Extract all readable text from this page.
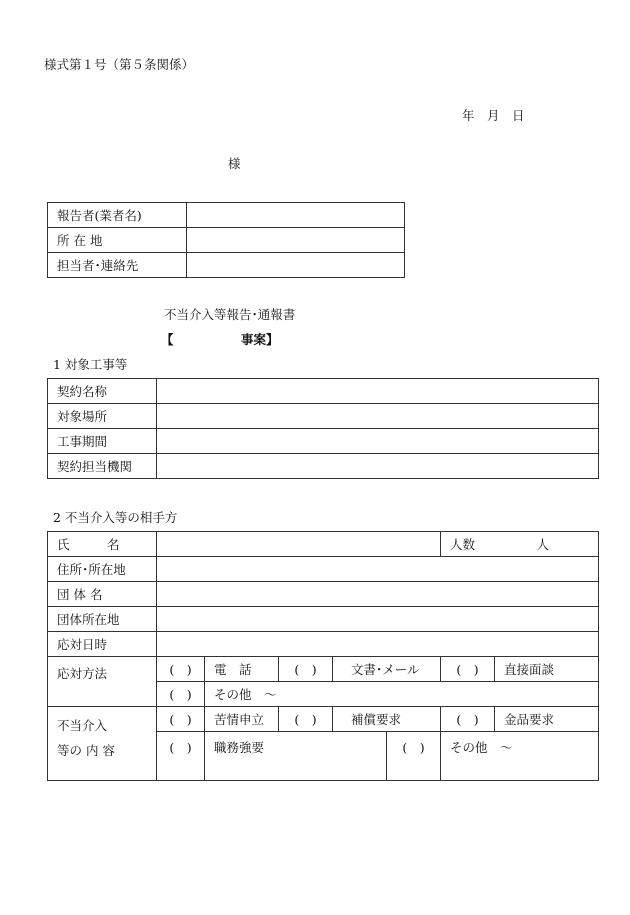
様式第１号（第５条関係）
年　月　日
様
報告者(業者名)	
所 在 地	
担当者･連絡先	
不当介入等報告･通報書
【	事案】
1 対象工事等
契約名称	
対象場所	
工事期間	
契約担当機関	
2 不当介入等の相手方
氏　　　名						人数	人
住所･所在地							
団 体 名							
団体所在地							
応対日時							
応対方法	(　)	電　話	(　)	文書･メール		(　)	直接面談
	(　)	その他　～					

不当介入
等の 内 容	(　)	苦情申立	(　)	補償要求		(　)	金品要求
	(　)	職務強要			(　)	その他　～	
